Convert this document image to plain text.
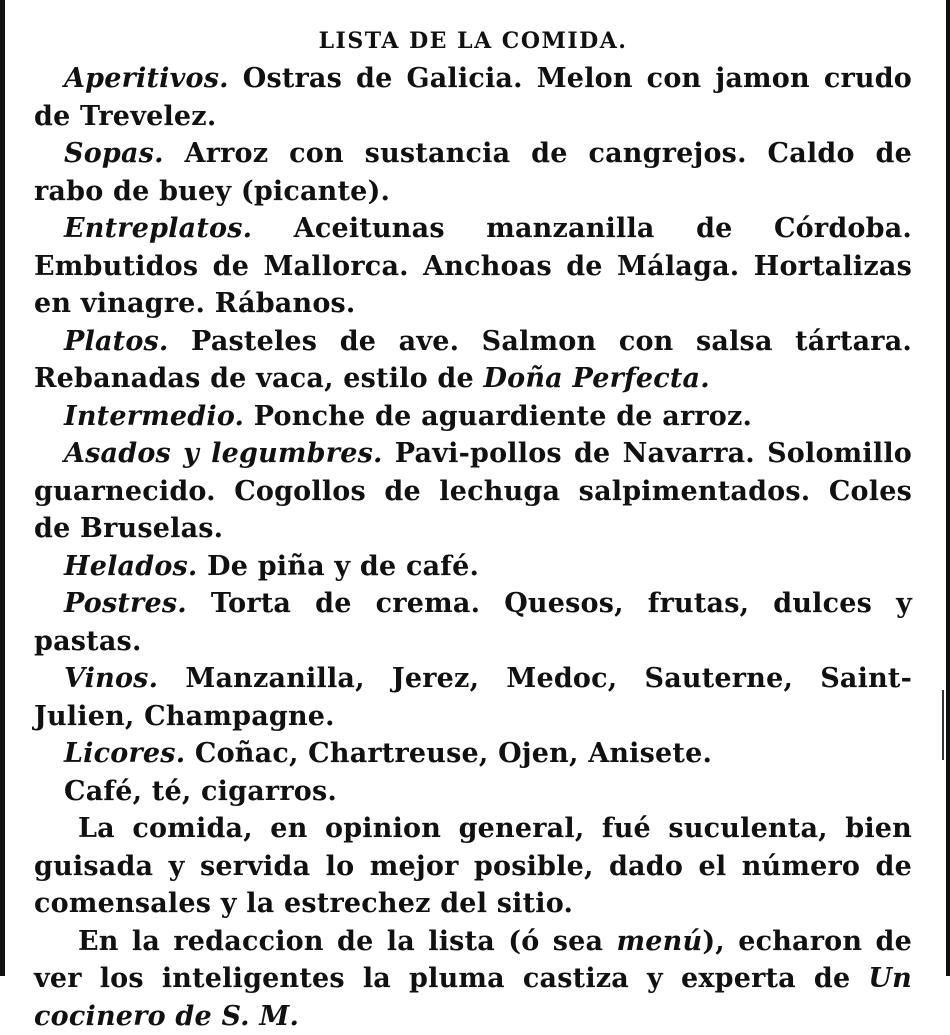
LISTA DE LA COMIDA.

Aperitivos. Ostras de Galicia. Melon con jamon crudo de Trevelez.

Sopas. Arroz con sustancia de cangrejos. Caldo de rabo de buey (picante).

Entreplatos. Aceitunas manzanilla de Córdoba. Embutidos de Mallorca. Anchoas de Málaga. Hortalizas en vinagre. Rábanos.

Platos. Pasteles de ave. Salmon con salsa tártara. Rebanadas de vaca, estilo de Doña Perfecta.

Intermedio. Ponche de aguardiente de arroz.

Asados y legumbres. Pavi-pollos de Navarra. Solomillo guarnecido. Cogollos de lechuga salpimentados. Coles de Bruselas.

Helados. De piña y de café.

Postres. Torta de crema. Quesos, frutas, dulces y pastas.

Vinos. Manzanilla, Jerez, Medoc, Sauterne, Saint-Julien, Champagne.

Licores. Coñac, Chartreuse, Ojen, Anisete.

Café, té, cigarros.

La comida, en opinion general, fué suculenta, bien guisada y servida lo mejor posible, dado el número de comensales y la estrechez del sitio.

En la redaccion de la lista (ó sea menú), echaron de ver los inteligentes la pluma castiza y experta de Un cocinero de S. M.
